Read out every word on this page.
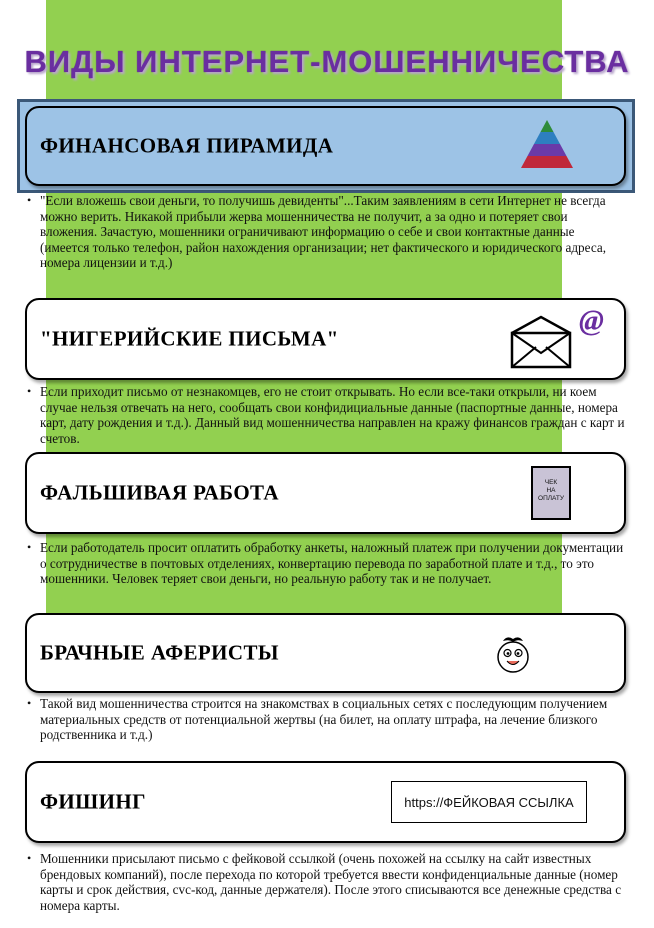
ВИДЫ ИНТЕРНЕТ-МОШЕННИЧЕСТВА
ФИНАНСОВАЯ ПИРАМИДА
• "Если вложешь свои деньги, то получишь девиденты"...Таким заявлениям в сети Интернет не всегда можно верить. Никакой прибыли жерва мошенничества не получит, а за одно и потеряет свои вложения. Зачастую, мошенники ограничивают информацию о себе и свои контактные данные (имеется только телефон, район нахождения организации; нет фактического и юридического адреса, номера лицензии и т.д.)

"НИГЕРИЙСКИЕ ПИСЬМА"
@
• Если приходит письмо от незнакомцев, его не стоит открывать. Но если все-таки открыли, ни коем случае нельзя отвечать на него, сообщать свои конфидициальные данные (паспортные данные, номера карт, дату рождения и т.д.). Данный вид мошенничества направлен на кражу финансов граждан с карт и счетов.

ФАЛЬШИВАЯ РАБОТА	ЧЕК
НА
ОПЛАТУ
• Если работодатель просит оплатить обработку анкеты, наложный платеж при получении документации о сотрудничестве в почтовых отделениях, конвертацию перевода по заработной плате и т.д., то это мошенники. Человек теряет свои деньги, но реальную работу так и не получает.

БРАЧНЫЕ АФЕРИСТЫ
• Такой вид мошенничества строится на знакомствах в социальных сетях с последующим получением материальных средств от потенциальной жертвы (на билет, на оплату штрафа, на лечение близкого родственника и т.д.)

ФИШИНГ	https://ФЕЙКОВАЯ ССЫЛКА
• Мошенники присылают письмо с фейковой ссылкой (очень похожей на ссылку на сайт известных брендовых компаний), после перехода по которой требуется ввести конфиденциальные данные (номер карты и срок действия, cvc-код, данные держателя). После этого списываются все денежные средства с номера карты.
